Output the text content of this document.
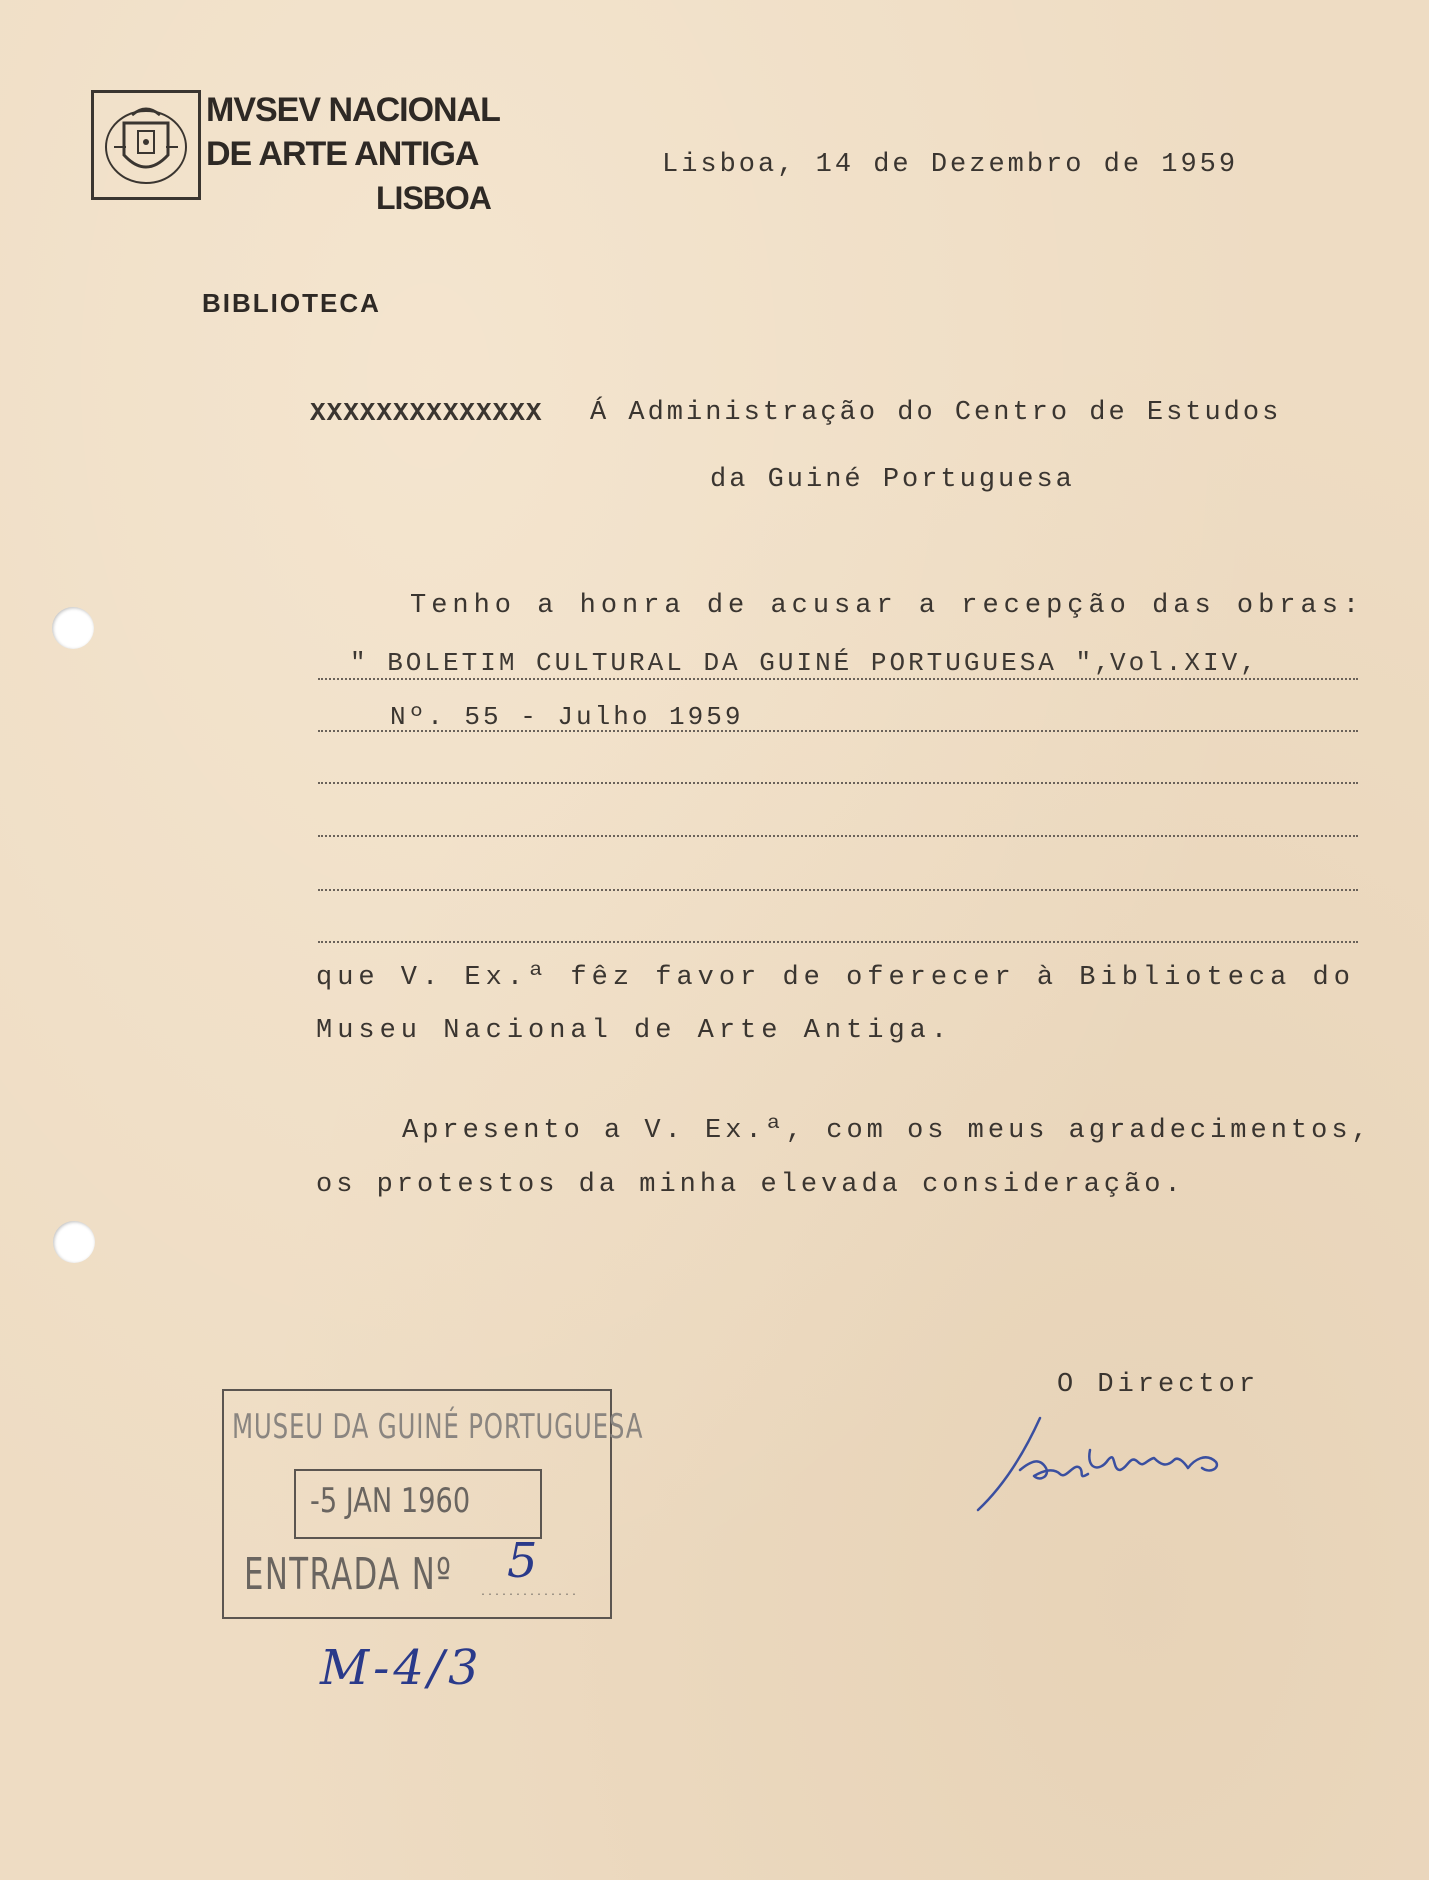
MVSEV NACIONAL
DE ARTE ANTIGA
LISBOA
Lisboa, 14 de Dezembro de 1959
BIBLIOTECA
XXXXXXXXXXXXXX Á Administração do Centro de Estudos
da Guiné Portuguesa
Tenho a honra de acusar a recepção das obras:
" BOLETIM CULTURAL DA GUINÉ PORTUGUESA ",
Vol.XIV,
Nº. 55 - Julho 1959
que V. Ex.ª fêz favor de oferecer à Biblioteca do
Museu Nacional de Arte Antiga.
Apresento a V. Ex.ª, com os meus agradecimentos,
os protestos da minha elevada consideração.
O Director
MUSEU DA GUINÉ PORTUGUESA
-5 JAN 1960
ENTRADA Nº 5
··············
M-4/3
